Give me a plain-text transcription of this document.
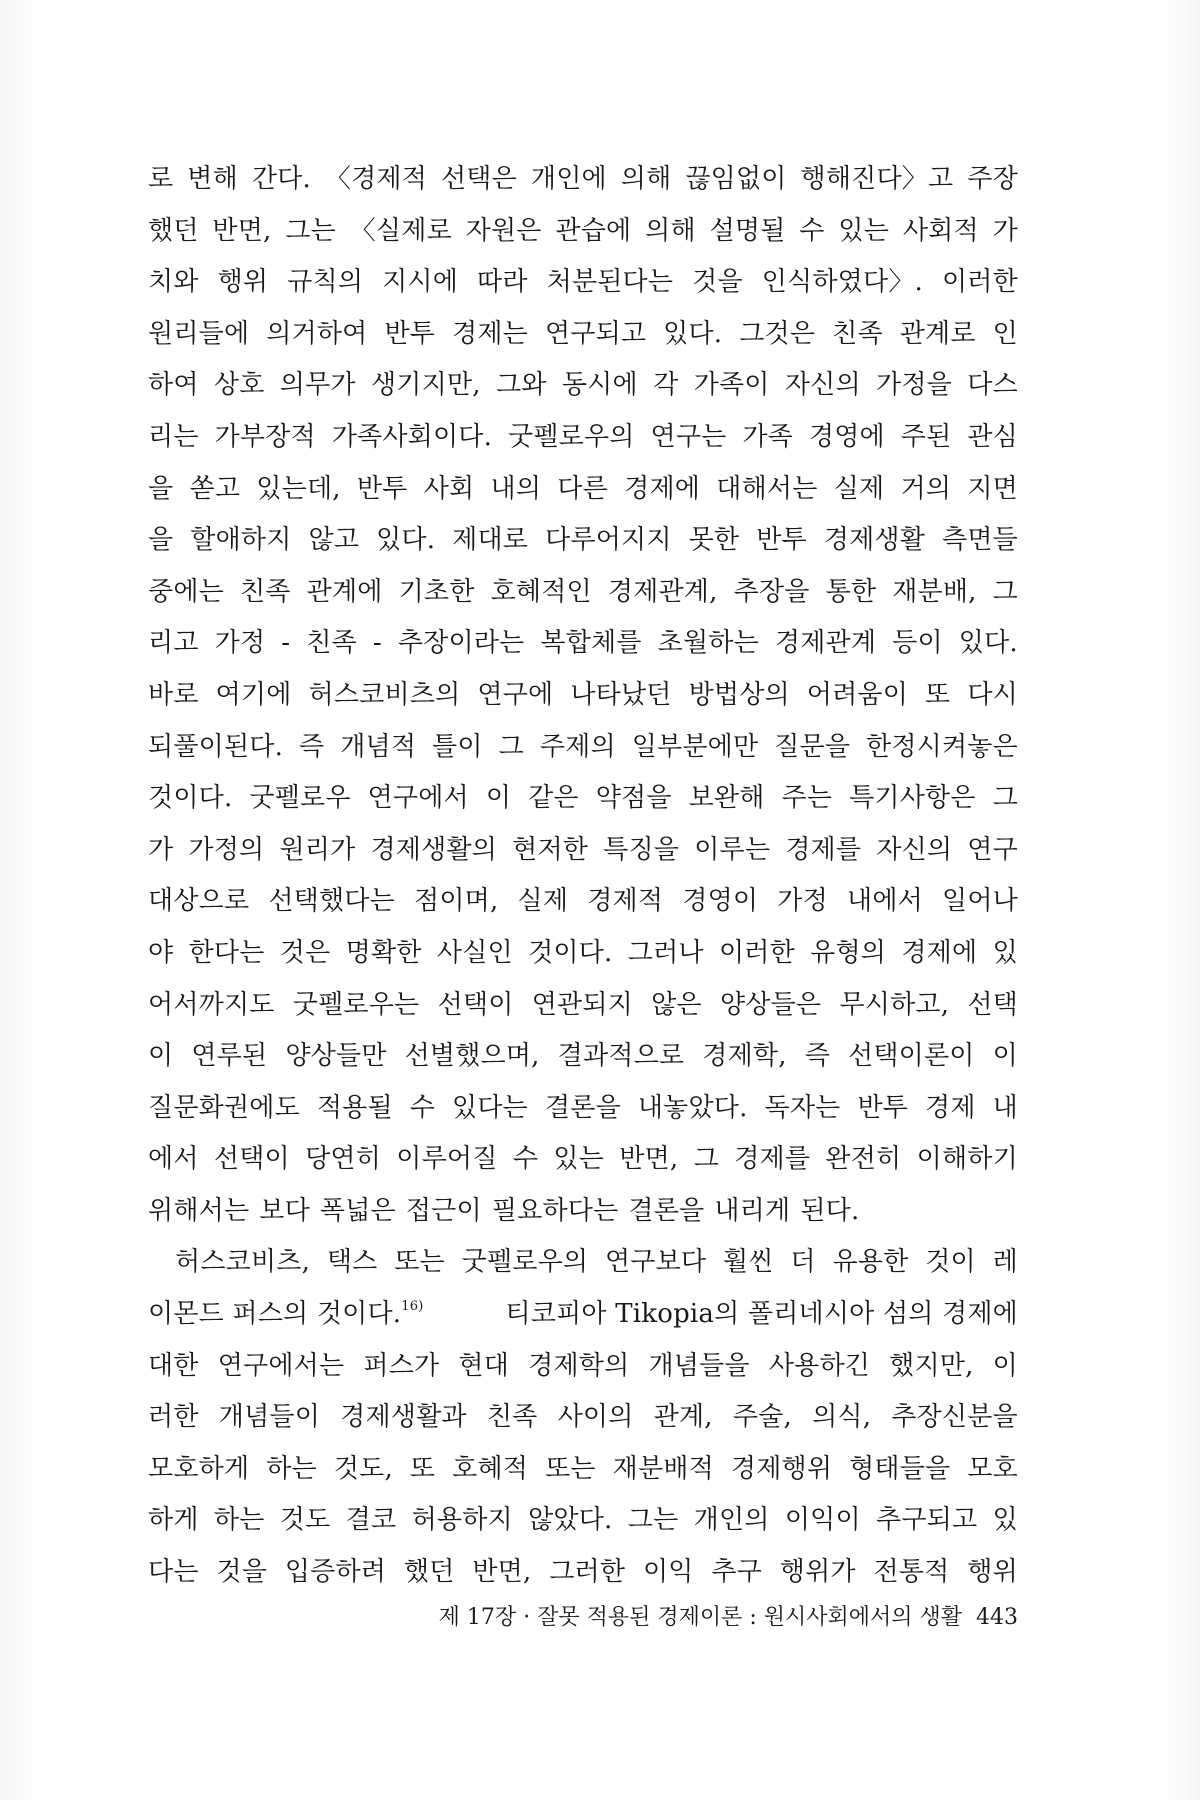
로 변해 간다. 〈경제적 선택은 개인에 의해 끊임없이 행해진다〉고 주장
했던 반면, 그는 〈실제로 자원은 관습에 의해 설명될 수 있는 사회적 가
치와 행위 규칙의 지시에 따라 처분된다는 것을 인식하였다〉. 이러한
원리들에 의거하여 반투 경제는 연구되고 있다. 그것은 친족 관계로 인
하여 상호 의무가 생기지만, 그와 동시에 각 가족이 자신의 가정을 다스
리는 가부장적 가족사회이다. 굿펠로우의 연구는 가족 경영에 주된 관심
을 쏟고 있는데, 반투 사회 내의 다른 경제에 대해서는 실제 거의 지면
을 할애하지 않고 있다. 제대로 다루어지지 못한 반투 경제생활 측면들
중에는 친족 관계에 기초한 호혜적인 경제관계, 추장을 통한 재분배, 그
리고 가정 - 친족 - 추장이라는 복합체를 초월하는 경제관계 등이 있다.
바로 여기에 허스코비츠의 연구에 나타났던 방법상의 어려움이 또 다시
되풀이된다. 즉 개념적 틀이 그 주제의 일부분에만 질문을 한정시켜놓은
것이다. 굿펠로우 연구에서 이 같은 약점을 보완해 주는 특기사항은 그
가 가정의 원리가 경제생활의 현저한 특징을 이루는 경제를 자신의 연구
대상으로 선택했다는 점이며, 실제 경제적 경영이 가정 내에서 일어나
야 한다는 것은 명확한 사실인 것이다. 그러나 이러한 유형의 경제에 있
어서까지도 굿펠로우는 선택이 연관되지 않은 양상들은 무시하고, 선택
이 연루된 양상들만 선별했으며, 결과적으로 경제학, 즉 선택이론이 이
질문화권에도 적용될 수 있다는 결론을 내놓았다. 독자는 반투 경제 내
에서 선택이 당연히 이루어질 수 있는 반면, 그 경제를 완전히 이해하기
위해서는 보다 폭넓은 접근이 필요하다는 결론을 내리게 된다.
허스코비츠, 택스 또는 굿펠로우의 연구보다 훨씬 더 유용한 것이 레
이몬드 퍼스의 것이다.$^{16)}$	티코피아 Tikopia의 폴리네시아 섬의 경제에
대한 연구에서는 퍼스가 현대 경제학의 개념들을 사용하긴 했지만, 이
러한 개념들이 경제생활과 친족 사이의 관계, 주술, 의식, 추장신분을
모호하게 하는 것도, 또 호혜적 또는 재분배적 경제행위 형태들을 모호
하게 하는 것도 결코 허용하지 않았다. 그는 개인의 이익이 추구되고 있
다는 것을 입증하려 했던 반면, 그러한 이익 추구 행위가 전통적 행위
제 17장 · 잘못 적용된 경제이론 : 원시사회에서의 생활 443
